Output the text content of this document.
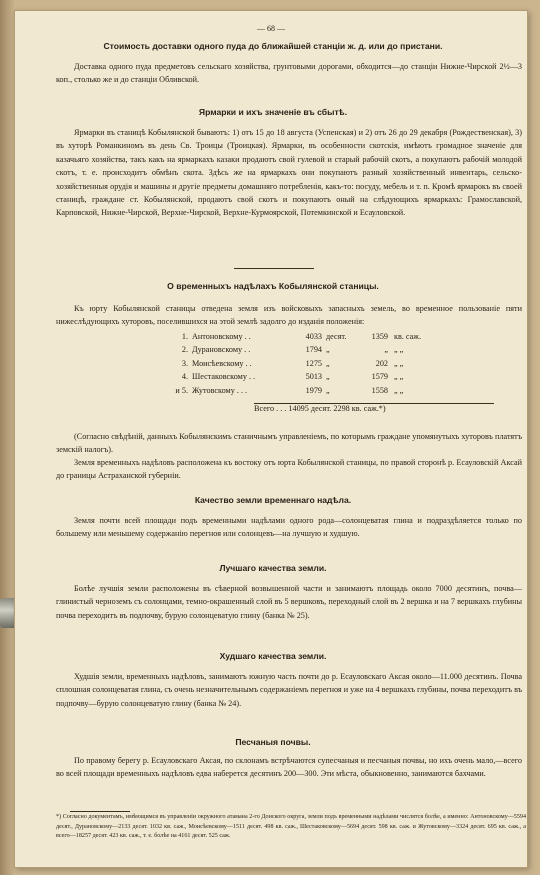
— 68 —
Стоимость доставки одного пуда до ближайшей станцiи ж. д. или до пристани.
Доставка одного пуда предметовъ сельскаго хозяйства, грунтовыми дорогами, обходится—до станцiи Нижне-Чирской 2½—3 коп., столько же и до станцiи Обливской.
Ярмарки и ихъ значенiе въ сбытѣ.
Ярмарки въ станицѣ Кобылянской бываютъ: 1) отъ 15 до 18 августа (Успенская) и 2) отъ 26 до 29 декабря (Рождественская), 3) въ хуторѣ Романкиномъ въ день Св. Троицы (Троицкая). Ярмарки, въ особенности скотскiя, имѣютъ громадное значенiе для казачьяго хозяйства, такъ какъ на ярмаркахъ казаки продаютъ свой гулевой и старый рабочiй скотъ, а покупаютъ рабочiй молодой скотъ, т. е. происходитъ обмѣнъ скота. Здѣсь же на ярмаркахъ они покупаютъ разный хозяйственный инвентарь, сельско-хозяйственныя орудiя и машины и другiе предметы домашняго потребленiя, какъ-то: посуду, мебель и т. п. Кромѣ ярмарокъ въ своей станицѣ, граждане ст. Кобылянской, продаютъ свой скотъ и покупаютъ оный на слѣдующихъ ярмаркахъ: Грамославской, Карповской, Нижне-Чирской, Верхне-Чирской, Верхне-Курмоярской, Потемкинской и Есауловской.
О временныхъ надѣлахъ Кобылянской станицы.
Къ юрту Кобылянской станицы отведена земля изъ войсковыхъ запасныхъ земель, во временное пользованiе пяти нижеслѣдующихъ хуторовъ, поселившихся на этой землѣ задолго до изданiя положенiя:
1. Антоновскому . .	4033 десят.	1359 кв. саж.
2. Дурановскому . .	1794 „	„ „ „
3. Моисѣевскому . .	1275 „	202 „ „
4. Шестаковскому . .	5013 „	1579 „ „
и 5. Жутовскому . . .	1979 „	1558 „ „
Всего . . . 14095 десят. 2298 кв. саж.*)
(Согласно свѣдѣнiй, данныхъ Кобылянскимъ станичнымъ управленiемъ, по которымъ граждане упомянутыхъ хуторовъ платятъ земскiй налогъ).
Земля временныхъ надѣловъ расположена къ востоку отъ юрта Кобылянской станицы, по правой сторонѣ р. Есауловскiй Аксай до границы Астраханской губернiи.
Качество земли временнаго надѣла.
Земля почти всей площади подъ временными надѣлами одного рода—солонцеватая глина и подраздѣляется только по большему или меньшему содержанiю перегноя или солонцевъ—на лучшую и худшую.
Лучшаго качества земли.
Болѣе лучшiя земли расположены въ сѣверной возвышенной части и занимаютъ площадь около 7000 десятинъ, почва—глинистый черноземъ съ солонцами, темно-окрашенный слой въ 5 вершковъ, переходный слой въ 2 вершка и на 7 вершкахъ глубины почва переходитъ въ подпочву, бурую солонцеватую глину (банка № 25).
Худшаго качества земли.
Худшiя земли, временныхъ надѣловъ, занимаютъ южную часть почти до р. Есауловскаго Аксая около—11.000 десятинъ. Почва сплошная солонцеватая глина, съ очень незначительнымъ содержанiемъ перегноя и уже на 4 вершкахъ глубины, почва переходитъ въ подпочву—бурую солонцеватую глину (банка № 24).
Песчаныя почвы.
По правому берегу р. Есауловскаго Аксая, по склонамъ встрѣчаются супесчаныя и песчаныя почвы, но ихъ очень мало,—всего во всей площади временныхъ надѣловъ едва наберется десятинъ 200—300. Эти мѣста, обыкновенно, занимаются бахчами.
*) Согласно документамъ, имѣющимся въ управленiи окружного атамана 2-го Донского округа, земли подъ временными надѣлами числятся болѣе, а именно: Антоновскому—5594 десят., Дурановскому—2133 десят. 1032 кв. саж., Моисѣевскому—1511 десят. 498 кв. саж., Шестаковскому—5694 десят. 598 кв. саж. и Жутовскому—3324 десят. 695 кв. саж., а всего—18257 десят. 423 кв. саж., т. е. болѣе на 4161 десят. 525 саж.
